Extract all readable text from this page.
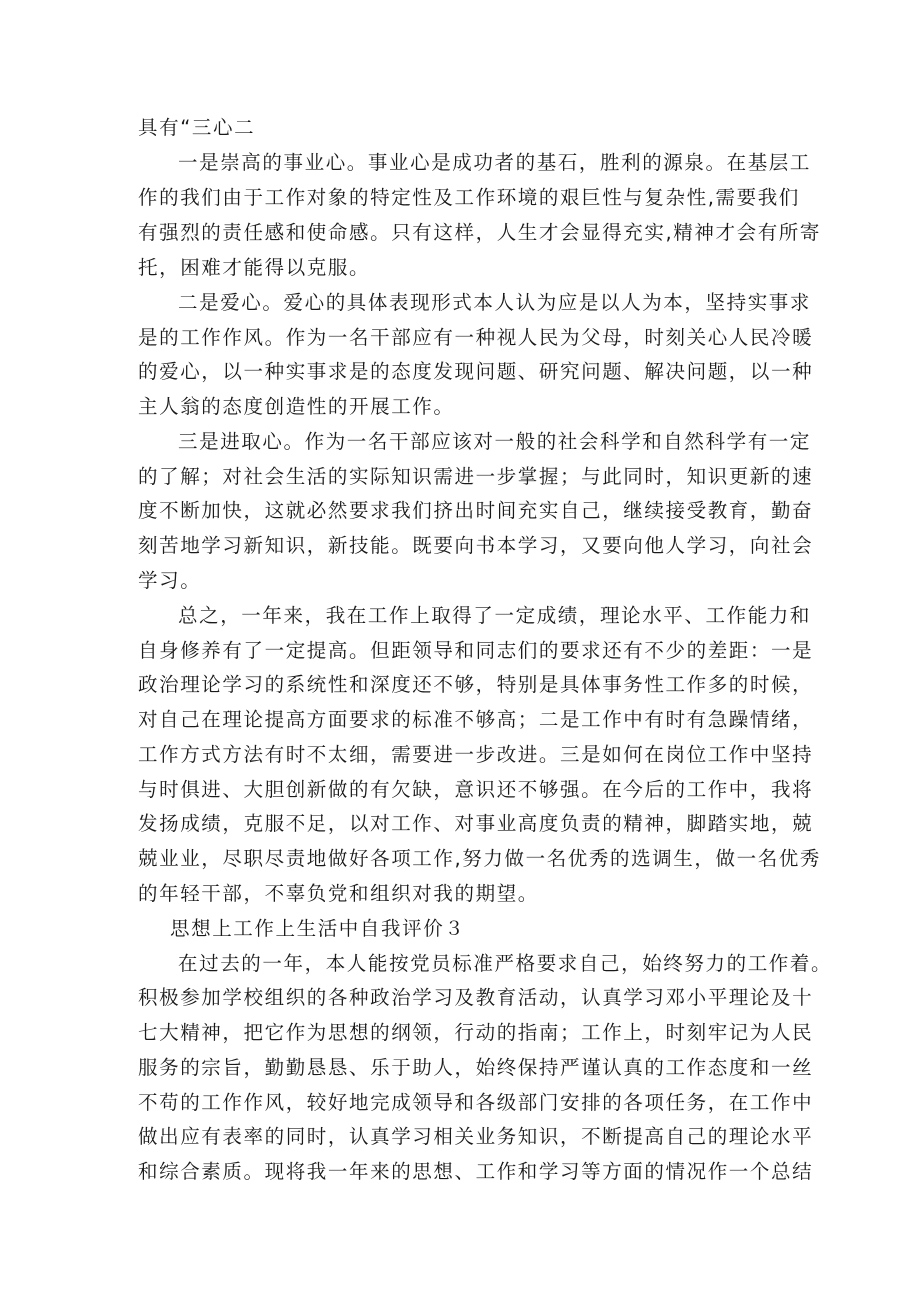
具有“三心二
一是崇高的事业心。事业心是成功者的基石，胜利的源泉。在基层工
作的我们由于工作对象的特定性及工作环境的艰巨性与复杂性,需要我们
有强烈的责任感和使命感。只有这样，人生才会显得充实,精神才会有所寄
托，困难才能得以克服。
二是爱心。爱心的具体表现形式本人认为应是以人为本，坚持实事求
是的工作作风。作为一名干部应有一种视人民为父母，时刻关心人民冷暖
的爱心，以一种实事求是的态度发现问题、研究问题、解决问题，以一种
主人翁的态度创造性的开展工作。
三是进取心。作为一名干部应该对一般的社会科学和自然科学有一定
的了解；对社会生活的实际知识需进一步掌握；与此同时，知识更新的速
度不断加快，这就必然要求我们挤出时间充实自己，继续接受教育，勤奋
刻苦地学习新知识，新技能。既要向书本学习，又要向他人学习，向社会
学习。
总之，一年来，我在工作上取得了一定成绩，理论水平、工作能力和
自身修养有了一定提高。但距领导和同志们的要求还有不少的差距：一是
政治理论学习的系统性和深度还不够，特别是具体事务性工作多的时候，
对自己在理论提高方面要求的标准不够高；二是工作中有时有急躁情绪，
工作方式方法有时不太细，需要进一步改进。三是如何在岗位工作中坚持
与时俱进、大胆创新做的有欠缺，意识还不够强。在今后的工作中，我将
发扬成绩，克服不足，以对工作、对事业高度负责的精神，脚踏实地，兢
兢业业，尽职尽责地做好各项工作,努力做一名优秀的选调生，做一名优秀
的年轻干部，不辜负党和组织对我的期望。
思想上工作上生活中自我评价３
在过去的一年，本人能按党员标准严格要求自己，始终努力的工作着。
积极参加学校组织的各种政治学习及教育活动，认真学习邓小平理论及十
七大精神，把它作为思想的纲领，行动的指南；工作上，时刻牢记为人民
服务的宗旨，勤勤恳恳、乐于助人，始终保持严谨认真的工作态度和一丝
不苟的工作作风，较好地完成领导和各级部门安排的各项任务，在工作中
做出应有表率的同时，认真学习相关业务知识，不断提高自己的理论水平
和综合素质。现将我一年来的思想、工作和学习等方面的情况作一个总结
